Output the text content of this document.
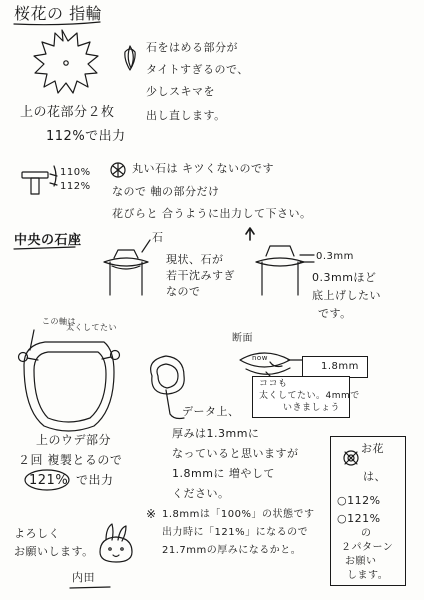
桜花の 指輪
上の花部分２枚
112%で出力
石をはめる部分が
タイトすぎるので、
少しスキマを
出し直します。
110%
112%
丸い石は キツくないのです
なので 軸の部分だけ
花びらと 合うように出力して下さい。
中央の石座	石
現状、石が
若干沈みすぎ
なので
0.3mm
0.3mmほど
底上げしたい
です。
この軸は
太くしてたい
断面
now
1.8mm
ココも
太くしてたい。4mmで
いきましょう
上のウデ部分
２回 複製とるので
121% で出力
データ上、
厚みは1.3mmに
なっていると思いますが
1.8mmに 増やして
ください。
※ 1.8mmは「100%」の状態です
出力時に「121%」になるので
21.7mmの厚みになるかと。
お花
は、
○112%
○121%
の
２パターン
お願い
します。
よろしく
お願いします。
内田
